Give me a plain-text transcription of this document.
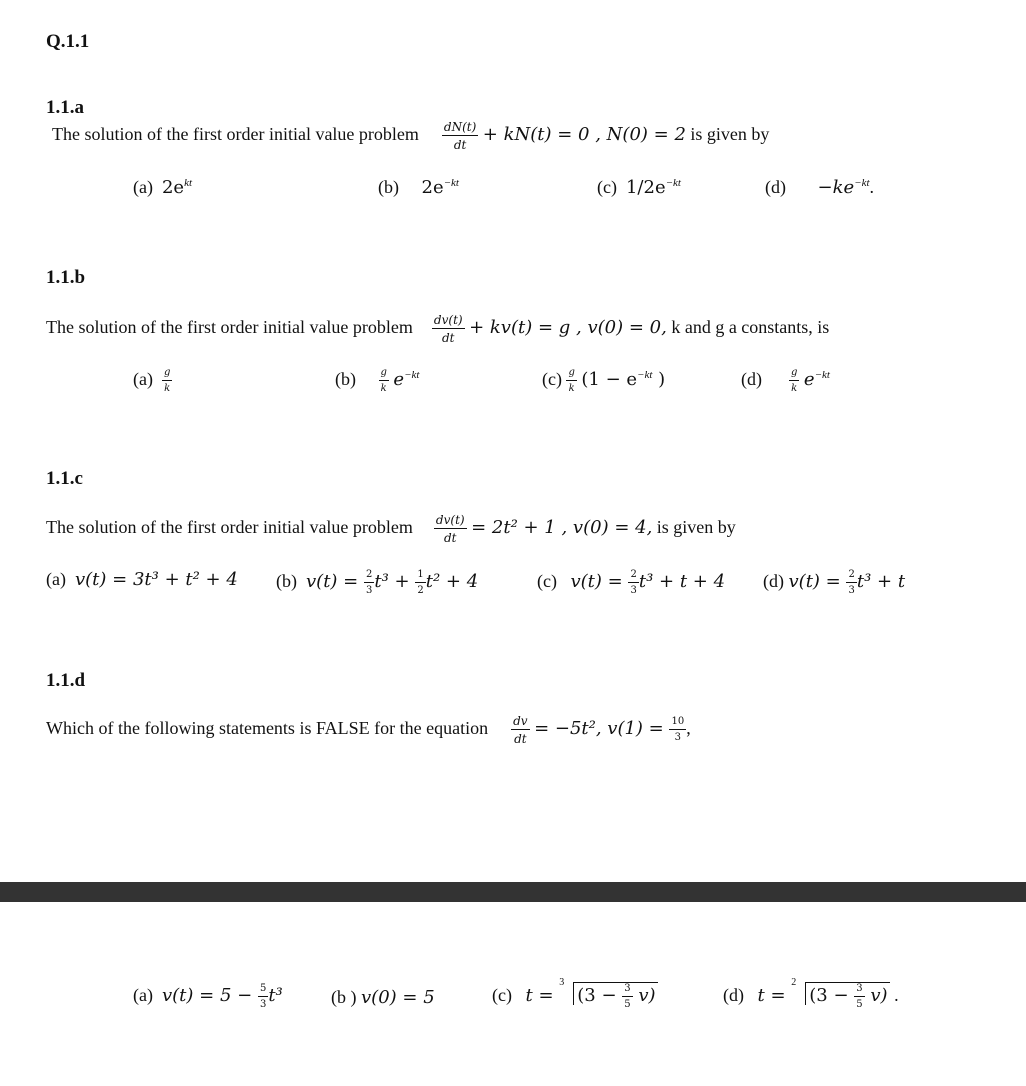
Q.1.1
1.1.a
The solution of the first order initial value problem $\frac{dN(t)}{dt} + kN(t) = 0$ , N(0) = 2 is given by
(a) $2e^{kt}$	(b) $2e^{-kt}$	(c) $1/2e^{-kt}$	$(d) -ke^{-kt}$.
1.1.b
The solution of the first order initial value problem $\frac{dv(t)}{dt} + kv(t) = g$ , v(0) = 0, k and g a constants, is
$(a) \frac{g}{k}$	$(b) \frac{g}{k} e^{-kt}$	$(c) \frac{g}{k} (1 - e^{-kt}$ )	(d)	$\frac{g}{k} e^{-kt}$
1.1.c
The solution of the first order initial value problem $\frac{dv(t)}{dt} = 2t^2 + 1$ , v(0) = 4, is given by
(a) v(t) = 3t³ + t² + 4 (b) $v(t) = \frac{2}{3} t^3 + \frac{1}{2} t^2 + 4$	(c) $v(t) = \frac{2}{3} t^3 + t + 4$ (d) $v(t) = \frac{2}{3} t^3 + t$
1.1.d
Which of the following statements is FALSE for the equation $\frac{dv}{dt} = -5t^2$, $v(1) = \frac{10}{3}$ ,
(a) $v(t) = 5 - \frac{5}{3} t^3$	(b ) v(0) = 5	(c) t =
3
$(3 - \frac{3}{5} v)$	(d) t =
2
$(3 - \frac{3}{5} v)$ .
